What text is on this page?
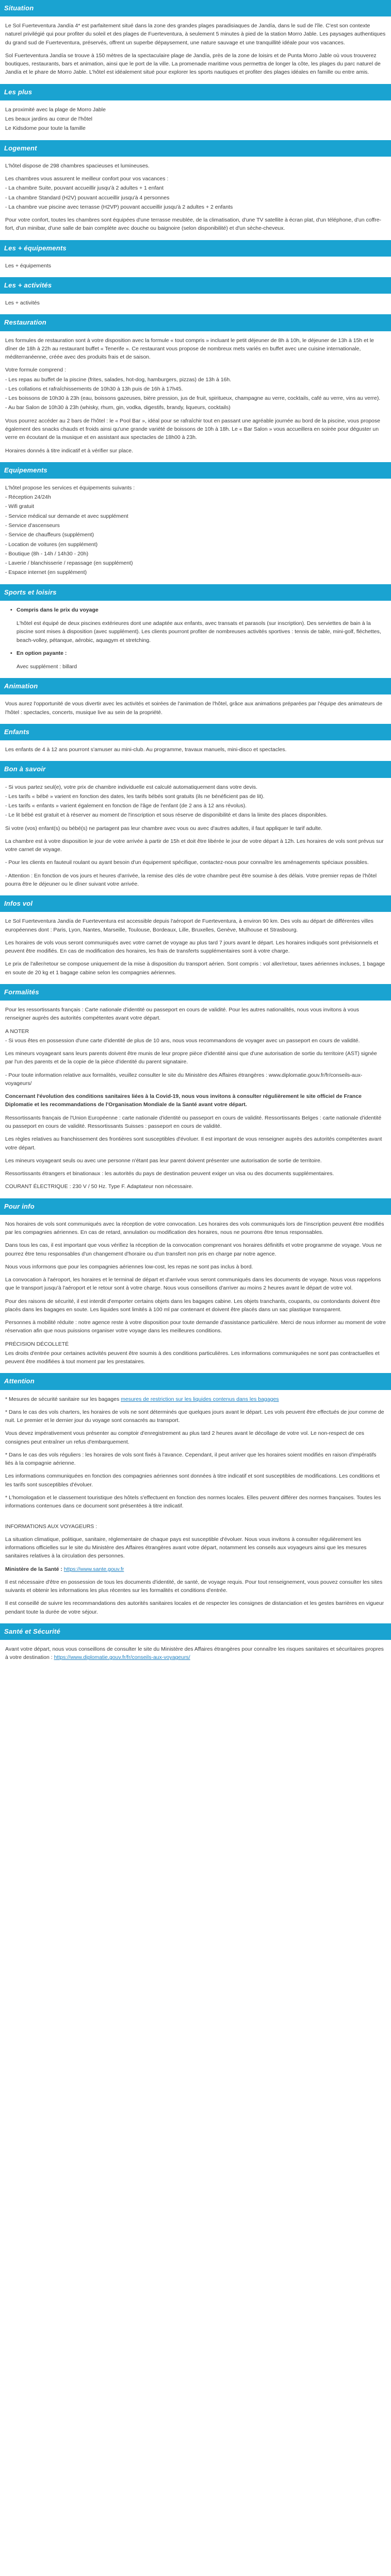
Situation

Le Sol Fuerteventura Jandía 4* est parfaitement situé dans la zone des grandes plages paradisiaques de Jandía, dans le sud de l'île. C'est son contexte naturel privilégié qui pour profiter du soleil et des plages de Fuerteventura, à seulement 5 minutes à pied de la station Morro Jable. Les paysages authentiques du grand sud de Fuerteventura, préservés, offrent un superbe dépaysement, une nature sauvage et une tranquillité idéale pour vos vacances.

Sol Fuerteventura Jandía se trouve à 150 mètres de la spectaculaire plage de Jandía, près de la zone de loisirs et de Punta Morro Jable où vous trouverez boutiques, restaurants, bars et animation, ainsi que le port de la ville. La promenade maritime vous permettra de longer la côte, les plages du parc naturel de Jandía et le phare de Morro Jable. L'hôtel est idéalement situé pour explorer les sports nautiques et profiter des plages idéales en famille ou entre amis.

Les plus

La proximité avec la plage de Morro Jable

Les beaux jardins au cœur de l'hôtel

Le Kidsdome pour toute la famille

Logement

L'hôtel dispose de 298 chambres spacieuses et lumineuses.

Les chambres vous assurent le meilleur confort pour vos vacances :

- La chambre Suite, pouvant accueillir jusqu'à 2 adultes + 1 enfant

- La chambre Standard (H2V) pouvant accueillir jusqu'à 4 personnes

- La chambre vue piscine avec terrasse (H2VP) pouvant accueillir jusqu'à 2 adultes + 2 enfants

Pour votre confort, toutes les chambres sont équipées d'une terrasse meublée, de la climatisation, d'une TV satellite à écran plat, d'un téléphone, d'un coffre-fort, d'un minibar, d'une salle de bain complète avec douche ou baignoire (selon disponibilité) et d'un sèche-cheveux.

Les + équipements

Les + équipements

Les + activités

Les + activités

Restauration

Les formules de restauration sont à votre disposition avec la formule « tout compris » incluant le petit déjeuner de 8h à 10h, le déjeuner de 13h à 15h et le dîner de 18h à 22h au restaurant buffet « Tenerife ». Ce restaurant vous propose de nombreux mets variés en buffet avec une cuisine internationale, méditerranéenne, créée avec des produits frais et de saison.

Votre formule comprend :

- Les repas au buffet de la piscine (frites, salades, hot-dog, hamburgers, pizzas) de 13h à 16h.

- Les collations et rafraîchissements de 10h30 à 13h puis de 16h à 17h45.

- Les boissons de 10h30 à 23h (eau, boissons gazeuses, bière pression, jus de fruit, spiritueux, champagne au verre, cocktails, café au verre, vins au verre).

- Au bar Salon de 10h30 à 23h (whisky, rhum, gin, vodka, digestifs, brandy, liqueurs, cocktails)

Vous pourrez accéder au 2 bars de l'hôtel : le « Pool Bar », idéal pour se rafraîchir tout en passant une agréable journée au bord de la piscine, vous propose également des snacks chauds et froids ainsi qu'une grande variété de boissons de 10h à 18h. Le « Bar Salon » vous accueillera en soirée pour déguster un verre en écoutant de la musique et en assistant aux spectacles de 18h00 à 23h.

Horaires donnés à titre indicatif et à vérifier sur place.

Equipements

L'hôtel propose les services et équipements suivants :

- Réception 24/24h

- Wifi gratuit

- Service médical sur demande et avec supplément

- Service d'ascenseurs

- Service de chauffeurs (supplément)

- Location de voitures (en supplément)

- Boutique (8h - 14h / 14h30 - 20h)

- Laverie / blanchisserie / repassage (en supplément)

- Espace internet (en supplément)

Sports et loisirs
• Compris dans le prix du voyage

L'hôtel est équipé de deux piscines extérieures dont une adaptée aux enfants, avec transats et parasols (sur inscription). Des serviettes de bain à la piscine sont mises à disposition (avec supplément). Les clients pourront profiter de nombreuses activités sportives : tennis de table, mini-golf, fléchettes, beach-volley, pétanque, aérobic, aquagym et stretching.

• En option payante :

Avec supplément : billard

Animation

Vous aurez l'opportunité de vous divertir avec les activités et soirées de l'animation de l'hôtel, grâce aux animations préparées par l'équipe des animateurs de l'hôtel : spectacles, concerts, musique live au sein de la propriété.

Enfants

Les enfants de 4 à 12 ans pourront s'amuser au mini-club. Au programme, travaux manuels, mini-disco et spectacles.

Bon à savoir

- Si vous partez seul(e), votre prix de chambre individuelle est calculé automatiquement dans votre devis.

- Les tarifs « bébé » varient en fonction des dates, les tarifs bébés sont gratuits (ils ne bénéficient pas de lit).

- Les tarifs « enfants » varient également en fonction de l'âge de l'enfant (de 2 ans à 12 ans révolus).

- Le lit bébé est gratuit et à réserver au moment de l'inscription et sous réserve de disponibilité et dans la limite des places disponibles.

Si votre (vos) enfant(s) ou bébé(s) ne partagent pas leur chambre avec vous ou avec d'autres adultes, il faut appliquer le tarif adulte.

La chambre est à votre disposition le jour de votre arrivée à partir de 15h et doit être libérée le jour de votre départ à 12h. Les horaires de vols sont prévus sur votre carnet de voyage.

- Pour les clients en fauteuil roulant ou ayant besoin d'un équipement spécifique, contactez-nous pour connaître les aménagements spéciaux possibles.

- Attention : En fonction de vos jours et heures d'arrivée, la remise des clés de votre chambre peut être soumise à des délais. Votre premier repas de l'hôtel pourra être le déjeuner ou le dîner suivant votre arrivée.

Infos vol

Le Sol Fuerteventura Jandía de Fuerteventura est accessible depuis l'aéroport de Fuerteventura, à environ 90 km. Des vols au départ de différentes villes européennes dont : Paris, Lyon, Nantes, Marseille, Toulouse, Bordeaux, Lille, Bruxelles, Genève, Mulhouse et Strasbourg.

Les horaires de vols vous seront communiqués avec votre carnet de voyage au plus tard 7 jours avant le départ. Les horaires indiqués sont prévisionnels et peuvent être modifiés. En cas de modification des horaires, les frais de transferts supplémentaires sont à votre charge.

Le prix de l'aller/retour se compose uniquement de la mise à disposition du transport aérien. Sont compris : vol aller/retour, taxes aériennes incluses, 1 bagage en soute de 20 kg et 1 bagage cabine selon les compagnies aériennes.

Formalités

Pour les ressortissants français : Carte nationale d'identité ou passeport en cours de validité. Pour les autres nationalités, nous vous invitons à vous renseigner auprès des autorités compétentes avant votre départ.

A NOTER

- Si vous êtes en possession d'une carte d'identité de plus de 10 ans, nous vous recommandons de voyager avec un passeport en cours de validité.

Les mineurs voyageant sans leurs parents doivent être munis de leur propre pièce d'identité ainsi que d'une autorisation de sortie du territoire (AST) signée par l'un des parents et de la copie de la pièce d'identité du parent signataire.

- Pour toute information relative aux formalités, veuillez consulter le site du Ministère des Affaires étrangères : www.diplomatie.gouv.fr/fr/conseils-aux-voyageurs/

Concernant l'évolution des conditions sanitaires liées à la Covid-19, nous vous invitons à consulter régulièrement le site officiel de France Diplomatie et les recommandations de l'Organisation Mondiale de la Santé avant votre départ.

Ressortissants français de l'Union Européenne : carte nationale d'identité ou passeport en cours de validité. Ressortissants Belges : carte nationale d'identité ou passeport en cours de validité. Ressortissants Suisses : passeport en cours de validité.

Les règles relatives au franchissement des frontières sont susceptibles d'évoluer. Il est important de vous renseigner auprès des autorités compétentes avant votre départ.

Les mineurs voyageant seuls ou avec une personne n'étant pas leur parent doivent présenter une autorisation de sortie de territoire.

Ressortissants étrangers et binationaux : les autorités du pays de destination peuvent exiger un visa ou des documents supplémentaires.

COURANT ÉLECTRIQUE : 230 V / 50 Hz. Type F. Adaptateur non nécessaire.

Pour info

Nos horaires de vols sont communiqués avec la réception de votre convocation. Les horaires des vols communiqués lors de l'inscription peuvent être modifiés par les compagnies aériennes. En cas de retard, annulation ou modification des horaires, nous ne pourrons être tenus responsables.

Dans tous les cas, il est important que vous vérifiez la réception de la convocation comprenant vos horaires définitifs et votre programme de voyage. Vous ne pourrez être tenu responsables d'un changement d'horaire ou d'un transfert non pris en charge par notre agence.

Nous vous informons que pour les compagnies aériennes low-cost, les repas ne sont pas inclus à bord.

La convocation à l'aéroport, les horaires et le terminal de départ et d'arrivée vous seront communiqués dans les documents de voyage. Nous vous rappelons que le transport jusqu'à l'aéroport et le retour sont à votre charge. Nous vous conseillons d'arriver au moins 2 heures avant le départ de votre vol.

Pour des raisons de sécurité, il est interdit d'emporter certains objets dans les bagages cabine. Les objets tranchants, coupants, ou contondants doivent être placés dans les bagages en soute. Les liquides sont limités à 100 ml par contenant et doivent être placés dans un sac plastique transparent.

Personnes à mobilité réduite : notre agence reste à votre disposition pour toute demande d'assistance particulière. Merci de nous informer au moment de votre réservation afin que nous puissions organiser votre voyage dans les meilleures conditions.

PRÉCISION DÉCOLLETÉ

Les droits d'entrée pour certaines activités peuvent être soumis à des conditions particulières. Les informations communiquées ne sont pas contractuelles et peuvent être modifiées à tout moment par les prestataires.

Attention

* Mesures de sécurité sanitaire sur les bagages mesures de restriction sur les liquides contenus dans les bagages

* Dans le cas des vols charters, les horaires de vols ne sont déterminés que quelques jours avant le départ. Les vols peuvent être effectués de jour comme de nuit. Le premier et le dernier jour du voyage sont consacrés au transport.

Vous devez impérativement vous présenter au comptoir d'enregistrement au plus tard 2 heures avant le décollage de votre vol. Le non-respect de ces consignes peut entraîner un refus d'embarquement.

* Dans le cas des vols réguliers : les horaires de vols sont fixés à l'avance. Cependant, il peut arriver que les horaires soient modifiés en raison d'impératifs liés à la compagnie aérienne.

Les informations communiquées en fonction des compagnies aériennes sont données à titre indicatif et sont susceptibles de modifications. Les conditions et les tarifs sont susceptibles d'évoluer.

* L'homologation et le classement touristique des hôtels s'effectuent en fonction des normes locales. Elles peuvent différer des normes françaises. Toutes les informations contenues dans ce document sont présentées à titre indicatif.

INFORMATIONS AUX VOYAGEURS :

La situation climatique, politique, sanitaire, réglementaire de chaque pays est susceptible d'évoluer. Nous vous invitons à consulter régulièrement les informations officielles sur le site du Ministère des Affaires étrangères avant votre départ, notamment les conseils aux voyageurs ainsi que les mesures sanitaires relatives à la circulation des personnes.

Ministère de la Santé : https://www.sante.gouv.fr

Il est nécessaire d'être en possession de tous les documents d'identité, de santé, de voyage requis. Pour tout renseignement, vous pouvez consulter les sites suivants et obtenir les informations les plus récentes sur les formalités et conditions d'entrée.

Il est conseillé de suivre les recommandations des autorités sanitaires locales et de respecter les consignes de distanciation et les gestes barrières en vigueur pendant toute la durée de votre séjour.

Santé et Sécurité

Avant votre départ, nous vous conseillons de consulter le site du Ministère des Affaires étrangères pour connaître les risques sanitaires et sécuritaires propres à votre destination : https://www.diplomatie.gouv.fr/fr/conseils-aux-voyageurs/
